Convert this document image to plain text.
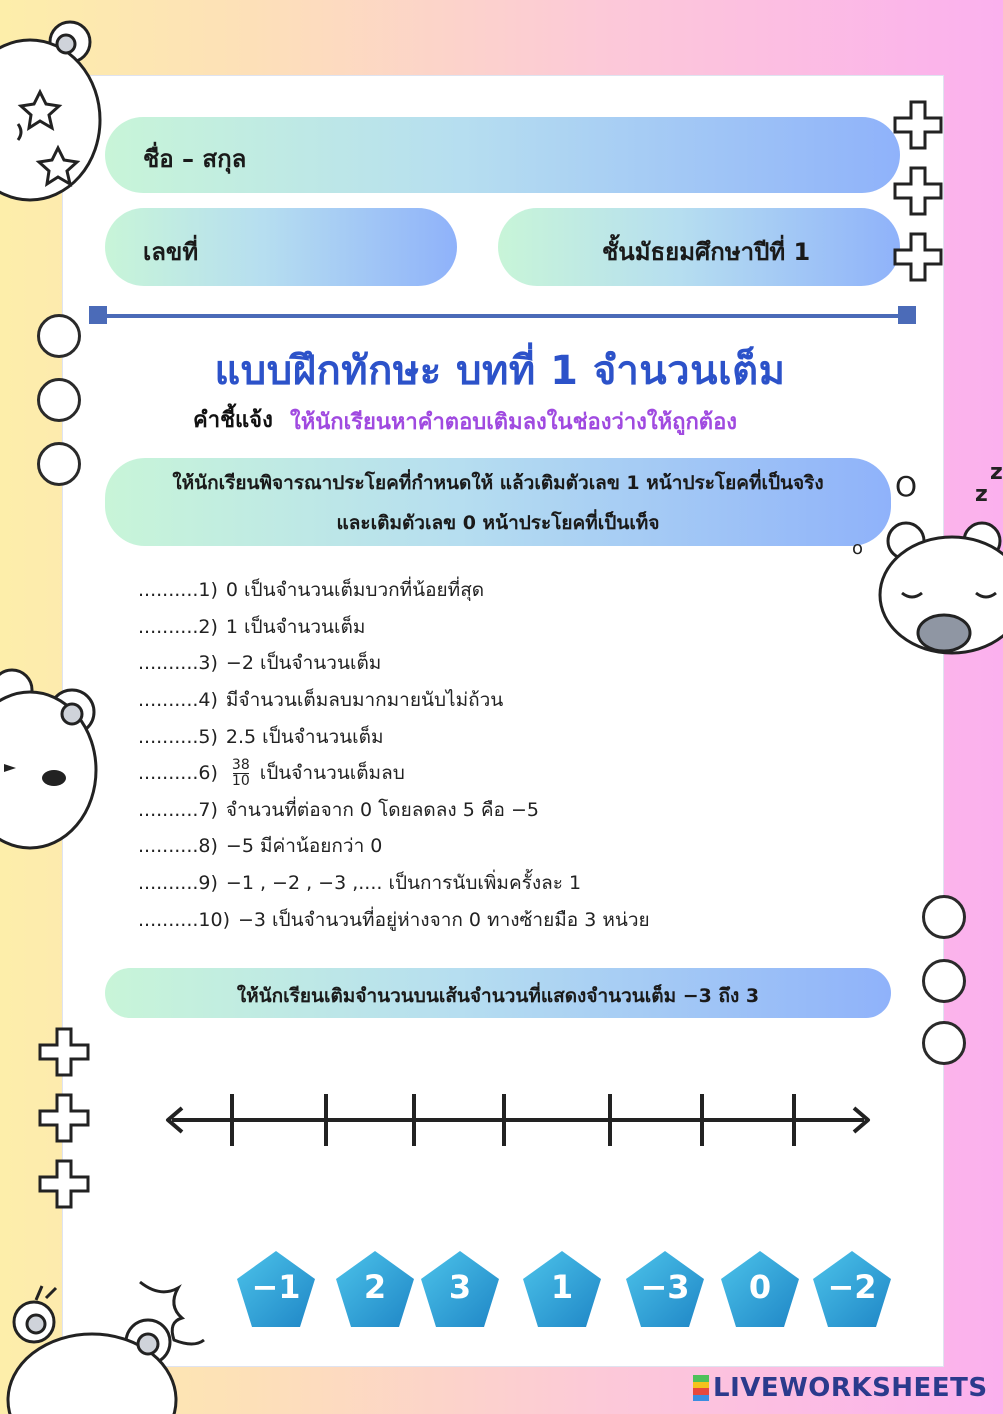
ชื่อ – สกุล
เลขที่	ชั้นมัธยมศึกษาปีที่ 1
แบบฝึกทักษะ บทที่ 1 จำนวนเต็ม
คำชี้แจ้ง ให้นักเรียนหาคำตอบเติมลงในช่องว่างให้ถูกต้อง
ให้นักเรียนพิจารณาประโยคที่กำหนดให้ แล้วเติมตัวเลข 1 หน้าประโยคที่เป็นจริง
และเติมตัวเลข 0 หน้าประโยคที่เป็นเท็จ
..........1) 0 เป็นจำนวนเต็มบวกที่น้อยที่สุด
..........2) 1 เป็นจำนวนเต็ม
..........3) −2 เป็นจำนวนเต็ม
..........4) มีจำนวนเต็มลบมากมายนับไม่ถ้วน
..........5) 2.5 เป็นจำนวนเต็ม
$..........6) \frac{38}{10}$ เป็นจำนวนเต็มลบ
..........7) จำนวนที่ต่อจาก 0 โดยลดลง 5 คือ −5
..........8) −5 มีค่าน้อยกว่า 0
..........9) −1 , −2 , −3 ,.... เป็นการนับเพิ่มครั้งละ 1
..........10) −3 เป็นจำนวนที่อยู่ห่างจาก 0 ทางซ้ายมือ 3 หน่วย
ให้นักเรียนเติมจำนวนบนเส้นจำนวนที่แสดงจำนวนเต็ม −3 ถึง 3
−1	2	3	1	−3	0	−2
O
o
z
z
LIVEWORKSHEETS
